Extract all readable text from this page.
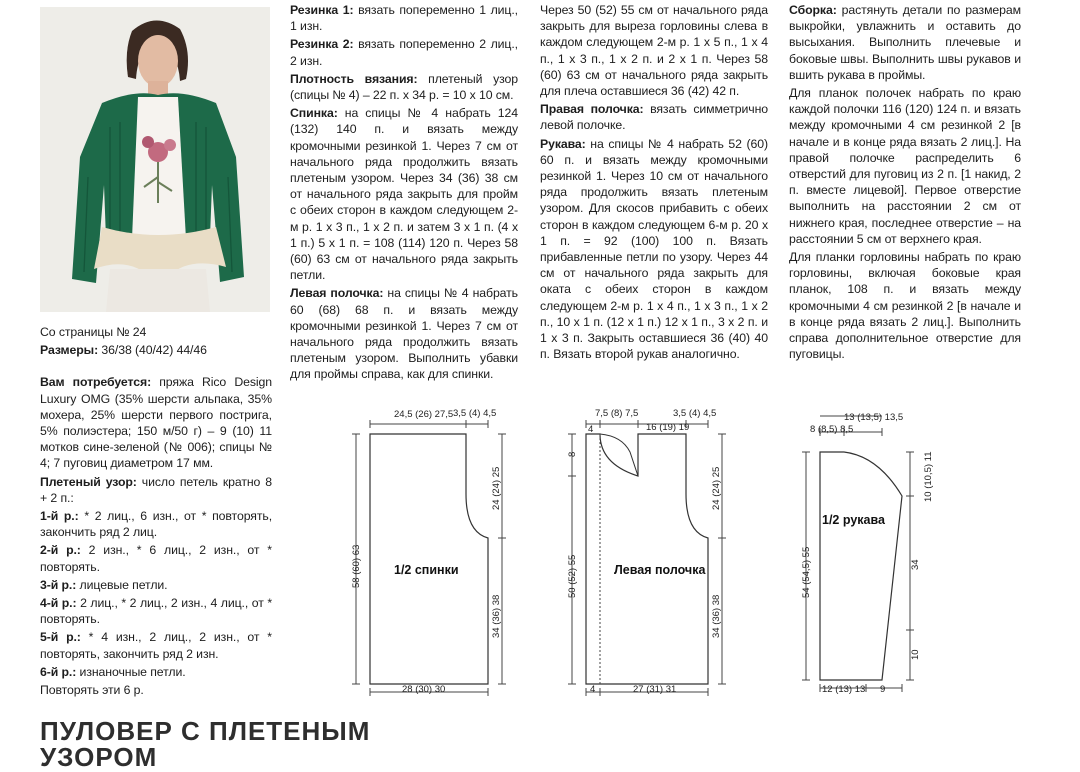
Со страницы № 24

Размеры: 36/38 (40/42) 44/46

Вам потребуется: пряжа Rico Design Luxury OMG (35% шерсти альпака, 35% мохера, 25% шерсти первого пострига, 5% полиэстера; 150 м/50 г) – 9 (10) 11 мотков сине-зеленой (№ 006); спицы № 4; 7 пуговиц диаметром 17 мм.

Плетеный узор: число петель кратно 8 + 2 п.:

1-й р.: * 2 лиц., 6 изн., от * повторять, закончить ряд 2 лиц.

2-й р.: 2 изн., * 6 лиц., 2 изн., от * повторять.

3-й р.: лицевые петли.

4-й р.: 2 лиц., * 2 лиц., 2 изн., 4 лиц., от * повторять.

5-й р.: * 4 изн., 2 лиц., 2 изн., от * повторять, закончить ряд 2 изн.

6-й р.: изнаночные петли.

Повторять эти 6 р.

Резинка 1: вязать попеременно 1 лиц., 1 изн.

Резинка 2: вязать попеременно 2 лиц., 2 изн.

Плотность вязания: плетеный узор (спицы № 4) – 22 п. x 34 р. = 10 x 10 см.

Спинка: на спицы № 4 набрать 124 (132) 140 п. и вязать между кромочными резинкой 1. Через 7 см от начального ряда продолжить вязать плетеным узором. Через 34 (36) 38 см от начального ряда закрыть для пройм с обеих сторон в каждом следующем 2-м р. 1 x 3 п., 1 x 2 п. и затем 3 x 1 п. (4 x 1 п.) 5 x 1 п. = 108 (114) 120 п. Через 58 (60) 63 см от начального ряда закрыть петли.

Левая полочка: на спицы № 4 набрать 60 (68) 68 п. и вязать между кромочными резинкой 1. Через 7 см от начального ряда продолжить вязать плетеным узором. Выполнить убавки для проймы справа, как для спинки.

Через 50 (52) 55 см от начального ряда закрыть для выреза горловины слева в каждом следующем 2-м р. 1 x 5 п., 1 x 4 п., 1 x 3 п., 1 x 2 п. и 2 x 1 п. Через 58 (60) 63 см от начального ряда закрыть для плеча оставшиеся 36 (42) 42 п.

Правая полочка: вязать симметрично левой полочке.

Рукава: на спицы № 4 набрать 52 (60) 60 п. и вязать между кромочными резинкой 1. Через 10 см от начального ряда продолжить вязать плетеным узором. Для скосов прибавить с обеих сторон в каждом следующем 6-м р. 20 x 1 п. = 92 (100) 100 п. Вязать прибавленные петли по узору. Через 44 см от начального ряда закрыть для оката с обеих сторон в каждом следующем 2-м р. 1 x 4 п., 1 x 3 п., 1 x 2 п., 10 x 1 п. (12 x 1 п.) 12 x 1 п., 3 x 2 п. и 1 x 3 п. Закрыть оставшиеся 36 (40) 40 п. Вязать второй рукав аналогично.

Сборка: растянуть детали по размерам выкройки, увлажнить и оставить до высыхания. Выполнить плечевые и боковые швы. Выполнить швы рукавов и вшить рукава в проймы.

Для планок полочек набрать по краю каждой полочки 116 (120) 124 п. и вязать между кромочными 4 см резинкой 2 [в начале и в конце ряда вязать 2 лиц.]. На правой полочке распределить 6 отверстий для пуговиц из 2 п. [1 накид, 2 п. вместе лицевой]. Первое отверстие выполнить на расстоянии 2 см от нижнего края, последнее отверстие – на расстоянии 5 см от верхнего края.

Для планки горловины набрать по краю горловины, включая боковые края планок, 108 п. и вязать между кромочными 4 см резинкой 2 [в начале и в конце ряда вязать 2 лиц.]. Выполнить справа дополнительное отверстие для пуговицы.

24,5 (26) 27,5 3,5 (4) 4,5
28 (30) 30
58 (60) 63
24 (24) 25
34 (36) 38
1/2 спинки
4
7,5 (8) 7,5
16 (19) 19
3,5 (4) 4,5
8
50 (52) 55
24 (24) 25
34 (36) 38
4	27 (31) 31
Левая полочка
13 (13,5) 13,5
8 (8,5) 8,5
10 (10,5) 11
34
10
54 (54,5) 55
12 (13) 13 9
1/2 рукава
ПУЛОВЕР С ПЛЕТЕНЫМ УЗОРОМ
